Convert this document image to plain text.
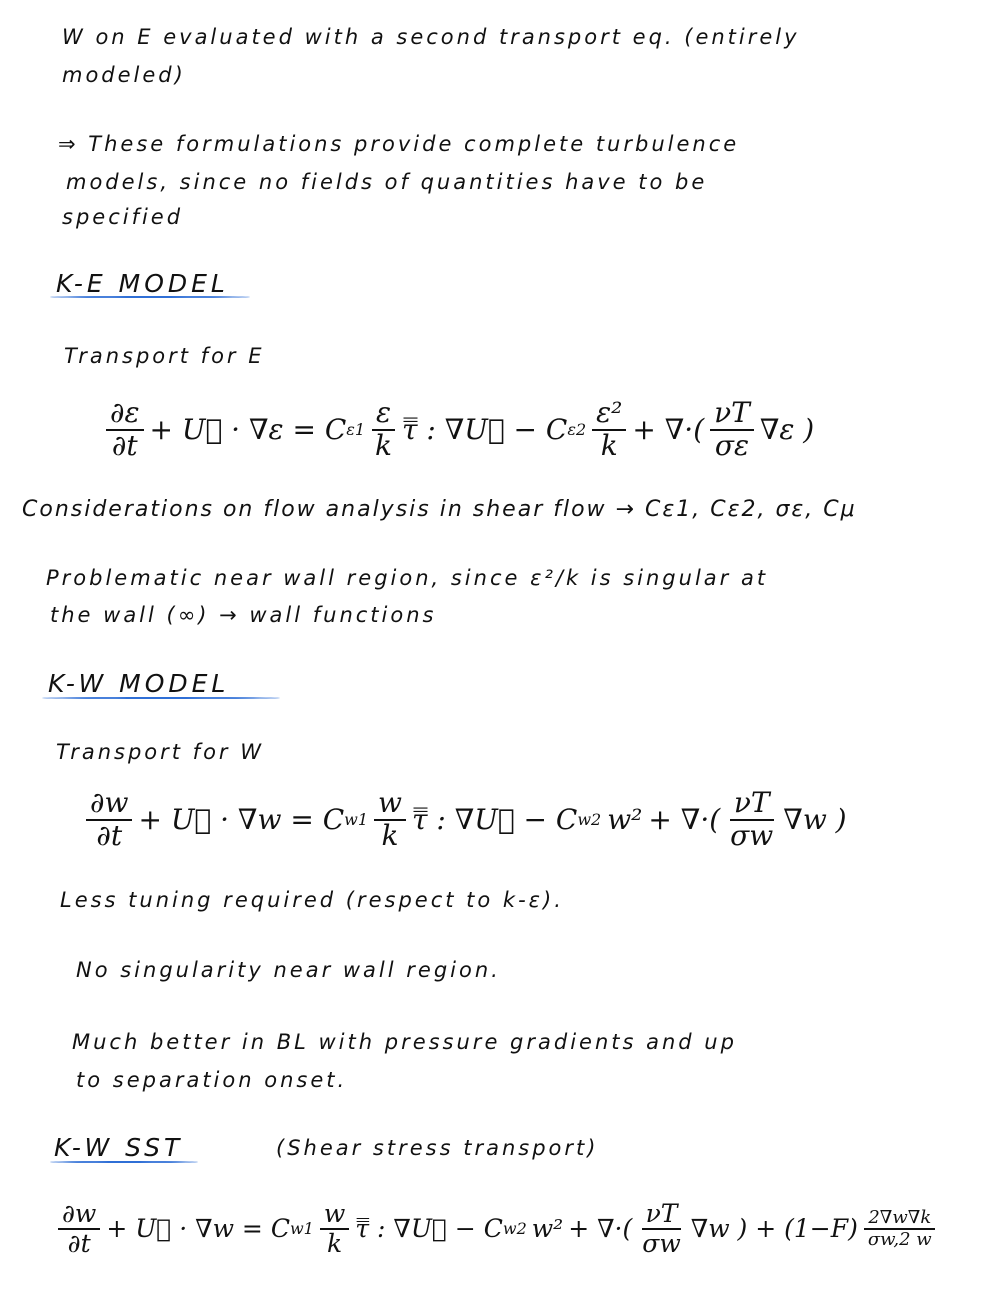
W on E evaluated with a second transport eq. (entirely
modeled)
⇒ These formulations provide complete turbulence
models, since no fields of quantities have to be
specified
K-E MODEL
Transport for E
$\frac{\partial\varepsilon}{\partial t}$ + U⃗ · ∇ε = C $\varepsilon 1 \frac{\varepsilon}{k}$ τ̿ : ∇U⃗ − C $\varepsilon 2 \frac{\text{ε²}}{k}$ + ∇·( $\frac{\nu T}{\sigma\varepsilon} \nabla\varepsilon$ )
Considerations on flow analysis in shear flow → Cε1, Cε2, σε, Cμ
Problematic near wall region, since ε²/k is singular at
the wall (∞) → wall functions
K-W MODEL
Transport for W
$\frac{\partial w}{\partial t}$ + U⃗ · ∇w = C $w1 \frac{w}{k}$ τ̿ : ∇U⃗ − C w2 w² + ∇·( $\frac{\nu T}{\sigma w} \nabla w$ )
Less tuning required (respect to k-ε).
No singularity near wall region.
Much better in BL with pressure gradients and up
to separation onset.
K-W SST	(Shear stress transport)
$\frac{\partial w}{\partial t}$ + U⃗ · ∇w = C $w1 \frac{w}{k}$ τ̿ : ∇U⃗ − C w2 w² + ∇·( $\frac{\nu T}{\sigma w} \nabla w$ ) + $(1-F) \frac{2\nabla w\nabla k}{\sigma w,2 w}$
